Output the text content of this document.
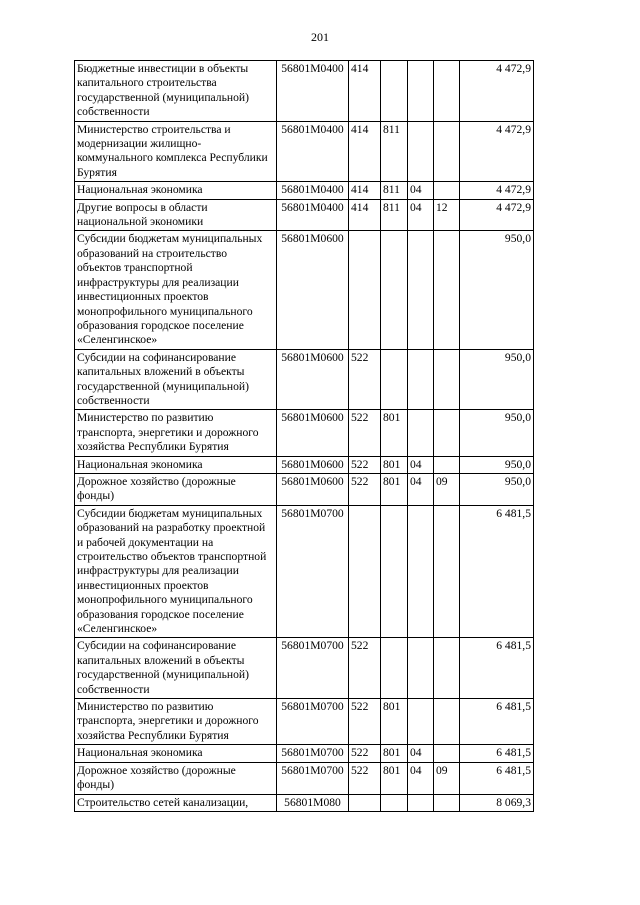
201
Бюджетные инвестиции в объекты капитального строительства государственной (муниципальной) собственности	56801М0400	414				4 472,9
Министерство строительства и модернизации жилищно-коммунального комплекса Республики Бурятия	56801М0400	414	811			4 472,9
Национальная экономика	56801М0400	414	811	04		4 472,9
Другие вопросы в области национальной экономики	56801М0400	414	811	04	12	4 472,9
Субсидии бюджетам муниципальных образований на строительство объектов транспортной инфраструктуры для реализации инвестиционных проектов монопрофильного муниципального образования городское поселение «Селенгинское»	56801М0600					950,0
Субсидии на софинансирование капитальных вложений в объекты государственной (муниципальной) собственности	56801М0600	522				950,0
Министерство по развитию транспорта, энергетики и дорожного хозяйства Республики Бурятия	56801М0600	522	801			950,0
Национальная экономика	56801М0600	522	801	04		950,0
Дорожное хозяйство (дорожные фонды)	56801М0600	522	801	04	09	950,0
Субсидии бюджетам муниципальных образований на разработку проектной и рабочей документации на строительство объектов транспортной инфраструктуры для реализации инвестиционных проектов монопрофильного муниципального образования городское поселение «Селенгинское»	56801М0700					6 481,5
Субсидии на софинансирование капитальных вложений в объекты государственной (муниципальной) собственности	56801М0700	522				6 481,5
Министерство по развитию транспорта, энергетики и дорожного хозяйства Республики Бурятия	56801М0700	522	801			6 481,5
Национальная экономика	56801М0700	522	801	04		6 481,5
Дорожное хозяйство (дорожные фонды)	56801М0700	522	801	04	09	6 481,5
Строительство сетей канализации,	56801М080					8 069,3
